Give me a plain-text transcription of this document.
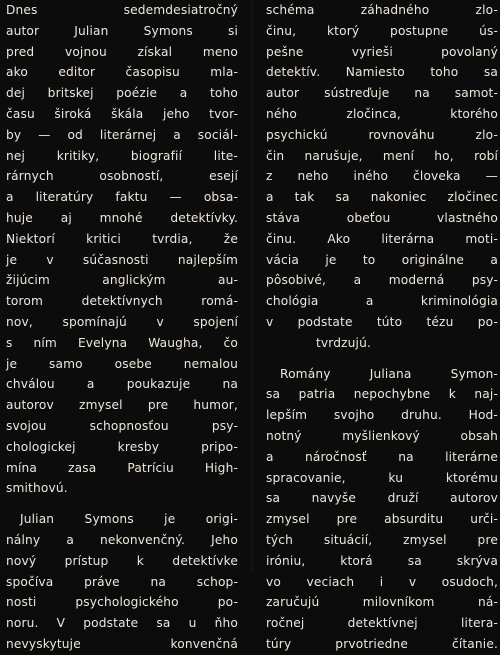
Dnes sedemdesiatročný
autor Julian Symons si
pred vojnou získal meno
ako editor časopisu mla-
dej britskej poézie a toho
času široká škála jeho tvor-
by — od literárnej a sociál-
nej kritiky, biografií lite-
rárnych osobností, esejí
a literatúry faktu — obsa-
huje aj mnohé detektívky.
Niektorí kritici tvrdia, že
je v súčasnosti najlepším
žijúcim anglickým au-
torom detektívnych romá-
nov, spomínajú v spojení
s ním Evelyna Waugha, čo
je samo osebe nemalou
chválou a poukazuje na
autorov zmysel pre humor,
svojou schopnosťou psy-
chologickej kresby pripo-
mína zasa Patríciu High-
smithovú.
Julian Symons je origi-
nálny a nekonvenčný. Jeho
nový prístup k detektívke
spočíva práve na schop-
nosti psychologického po-
noru. V podstate sa u ňho
nevyskytuje konvenčná
schéma záhadného zlo-
činu, ktorý postupne ús-
pešne vyrieši povolaný
detektív. Namiesto toho sa
autor sústreďuje na samot-
ného zločinca, ktorého
psychickú rovnováhu zlo-
čin narušuje, mení ho, robí
z neho iného človeka —
a tak sa nakoniec zločinec
stáva obeťou vlastného
činu. Ako literárna moti-
vácia je to originálne a
pôsobivé, a moderná psy-
chológia a kriminológia
v podstate túto tézu po-
tvrdzujú.
Romány Juliana Symon-
sa patria nepochybne k naj-
lepším svojho druhu. Hod-
notný myšlienkový obsah
a náročnosť na literárne
spracovanie, ku ktorému
sa navyše druží autorov
zmysel pre absurditu urči-
tých situácií, zmysel pre
iróniu, ktorá sa skrýva
vo veciach i v osudoch,
zaručujú milovníkom ná-
ročnej detektívnej litera-
túry prvotriedne čítanie.
